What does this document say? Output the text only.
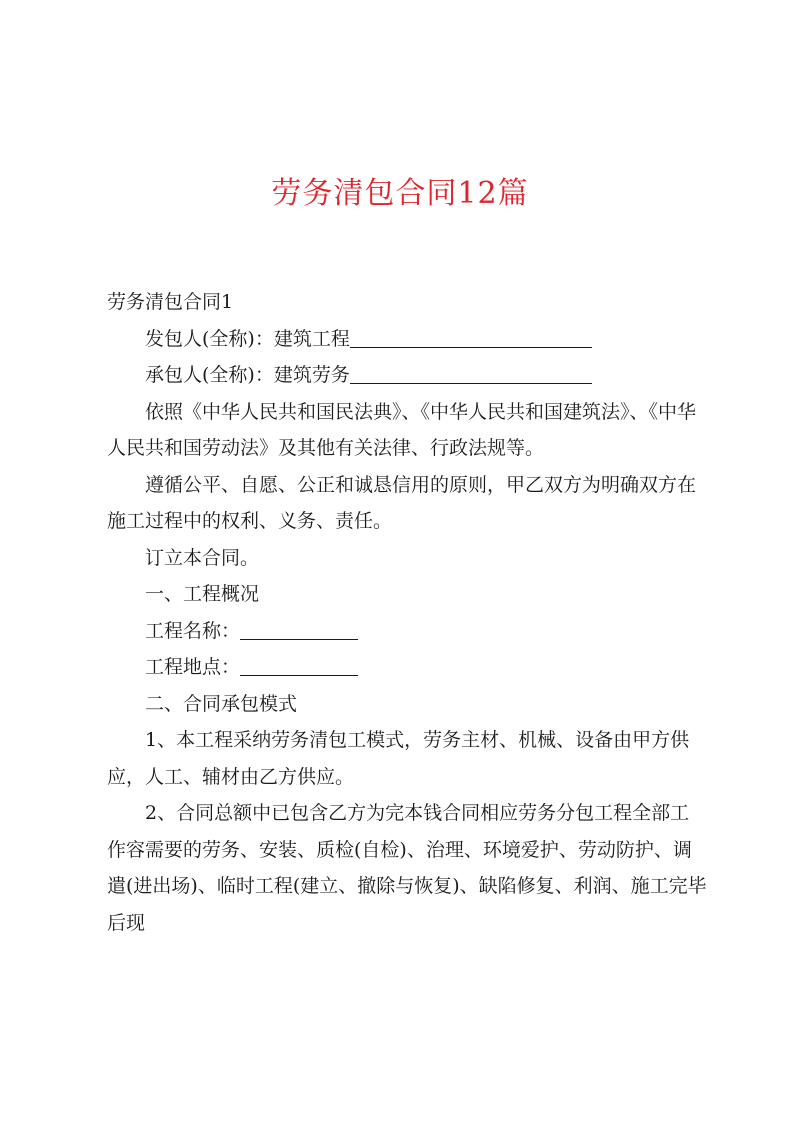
劳务清包合同12篇

劳务清包合同1

发包人(全称)：建筑工程

承包人(全称)：建筑劳务

依照《中华人民共和国民法典》、《中华人民共和国建筑法》、《中华人民共和国劳动法》及其他有关法律、行政法规等。

遵循公平、自愿、公正和诚恳信用的原则，甲乙双方为明确双方在施工过程中的权利、义务、责任。

订立本合同。

一、工程概况

工程名称：

工程地点：

二、合同承包模式

1、本工程采纳劳务清包工模式，劳务主材、机械、设备由甲方供应，人工、辅材由乙方供应。

2、合同总额中已包含乙方为完本钱合同相应劳务分包工程全部工作容需要的劳务、安装、质检(自检)、治理、环境爱护、劳动防护、调遣(进出场)、临时工程(建立、撤除与恢复)、缺陷修复、利润、施工完毕后现
